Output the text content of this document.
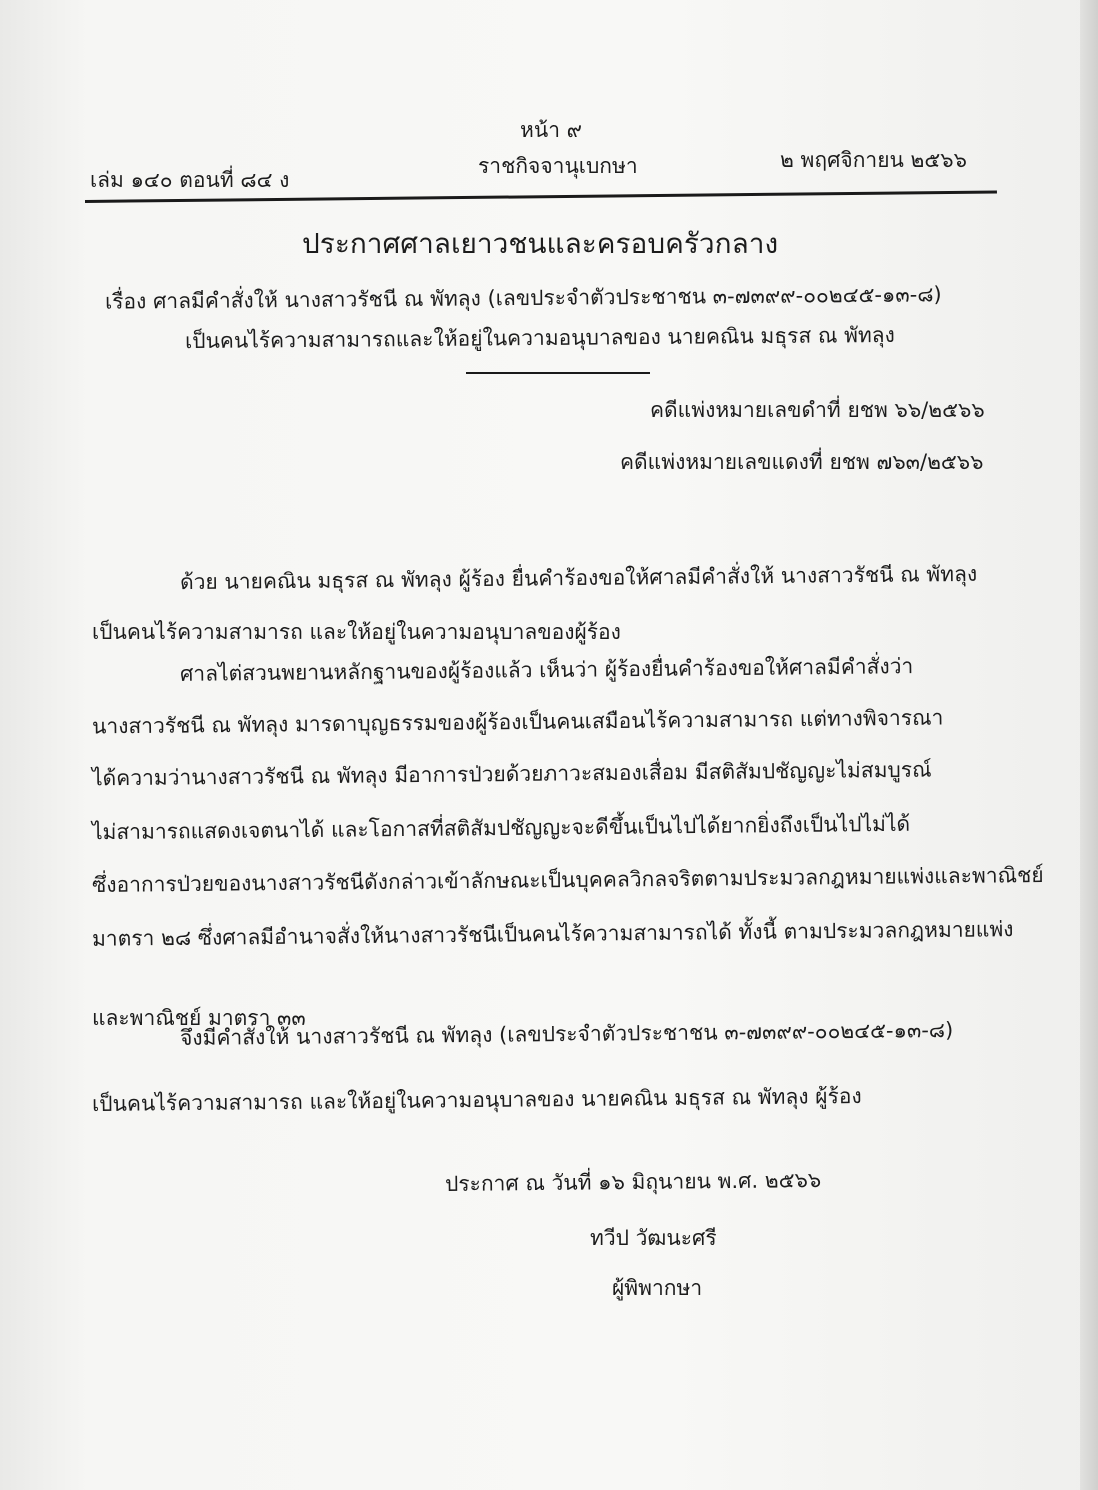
หน้า ๙
เล่ม ๑๔๐ ตอนที่ ๘๔ ง
ราชกิจจานุเบกษา	๒ พฤศจิกายน ๒๕๖๖
ประกาศศาลเยาวชนและครอบครัวกลาง
เรื่อง ศาลมีคำสั่งให้ นางสาวรัชนี ณ พัทลุง (เลขประจำตัวประชาชน ๓-๗๓๙๙-๐๐๒๔๕-๑๓-๘)
เป็นคนไร้ความสามารถและให้อยู่ในความอนุบาลของ นายคณิน มธุรส ณ พัทลุง
คดีแพ่งหมายเลขดำที่ ยชพ ๖๖/๒๕๖๖
คดีแพ่งหมายเลขแดงที่ ยชพ ๗๖๓/๒๕๖๖
ด้วย นายคณิน มธุรส ณ พัทลุง ผู้ร้อง ยื่นคำร้องขอให้ศาลมีคำสั่งให้ นางสาวรัชนี ณ พัทลุง
เป็นคนไร้ความสามารถ และให้อยู่ในความอนุบาลของผู้ร้อง
ศาลไต่สวนพยานหลักฐานของผู้ร้องแล้ว เห็นว่า ผู้ร้องยื่นคำร้องขอให้ศาลมีคำสั่งว่า
นางสาวรัชนี ณ พัทลุง มารดาบุญธรรมของผู้ร้องเป็นคนเสมือนไร้ความสามารถ แต่ทางพิจารณา
ได้ความว่านางสาวรัชนี ณ พัทลุง มีอาการป่วยด้วยภาวะสมองเสื่อม มีสติสัมปชัญญะไม่สมบูรณ์
ไม่สามารถแสดงเจตนาได้ และโอกาสที่สติสัมปชัญญะจะดีขึ้นเป็นไปได้ยากยิ่งถึงเป็นไปไม่ได้
ซึ่งอาการป่วยของนางสาวรัชนีดังกล่าวเข้าลักษณะเป็นบุคคลวิกลจริตตามประมวลกฎหมายแพ่งและพาณิชย์
มาตรา ๒๘ ซึ่งศาลมีอำนาจสั่งให้นางสาวรัชนีเป็นคนไร้ความสามารถได้ ทั้งนี้ ตามประมวลกฎหมายแพ่ง
และพาณิชย์ มาตรา ๓๓
จึงมีคำสั่งให้ นางสาวรัชนี ณ พัทลุง (เลขประจำตัวประชาชน ๓-๗๓๙๙-๐๐๒๔๕-๑๓-๘)
เป็นคนไร้ความสามารถ และให้อยู่ในความอนุบาลของ นายคณิน มธุรส ณ พัทลุง ผู้ร้อง
ประกาศ ณ วันที่ ๑๖ มิถุนายน พ.ศ. ๒๕๖๖
ทวีป วัฒนะศรี
ผู้พิพากษา
